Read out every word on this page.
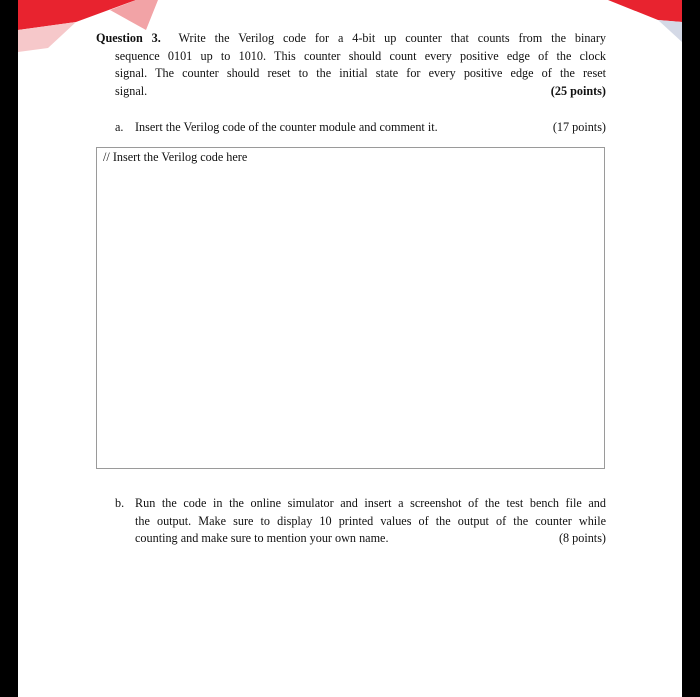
Question 3. Write the Verilog code for a 4-bit up counter that counts from the binary
sequence 0101 up to 1010. This counter should count every positive edge of the clock
signal. The counter should reset to the initial state for every positive edge of the reset
signal.	(25 points)
a. Insert the Verilog code of the counter module and comment it.	(17 points)
// Insert the Verilog code here
b. Run the code in the online simulator and insert a screenshot of the test bench file and
the output. Make sure to display 10 printed values of the output of the counter while
counting and make sure to mention your own name.	(8 points)
